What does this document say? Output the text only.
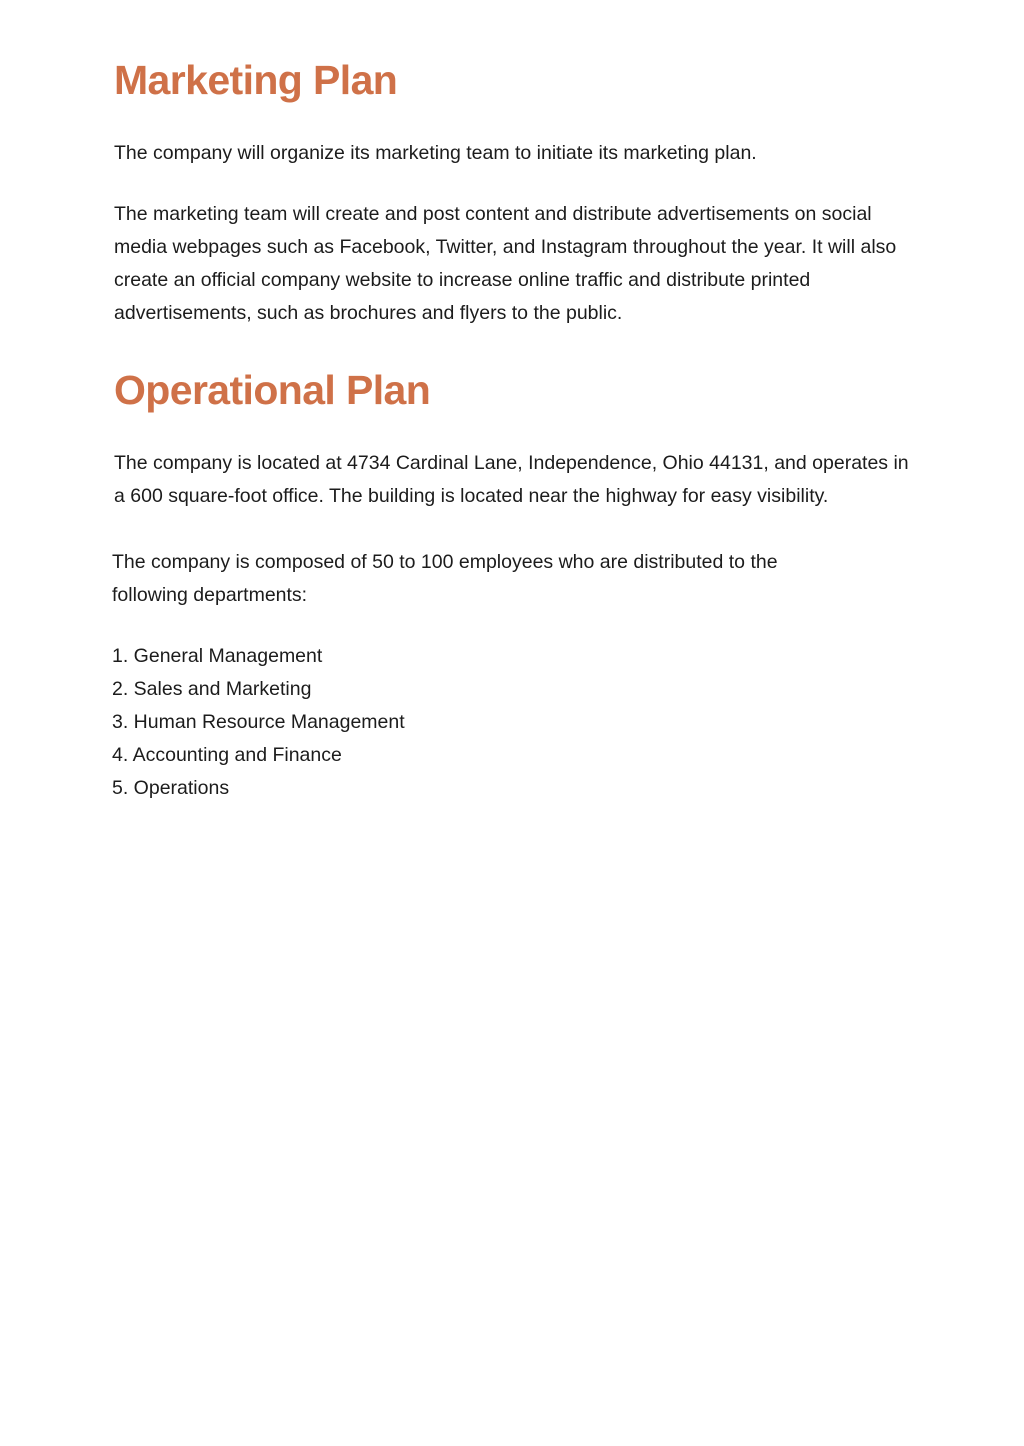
Marketing Plan

The company will organize its marketing team to initiate its marketing plan.

The marketing team will create and post content and distribute advertisements on social media webpages such as Facebook, Twitter, and Instagram throughout the year. It will also create an official company website to increase online traffic and distribute printed advertisements, such as brochures and flyers to the public.

Operational Plan

The company is located at 4734 Cardinal Lane, Independence, Ohio 44131, and operates in a 600 square-foot office. The building is located near the highway for easy visibility.

The company is composed of 50 to 100 employees who are distributed to the following departments:

1. General Management
2. Sales and Marketing
3. Human Resource Management
4. Accounting and Finance
5. Operations
